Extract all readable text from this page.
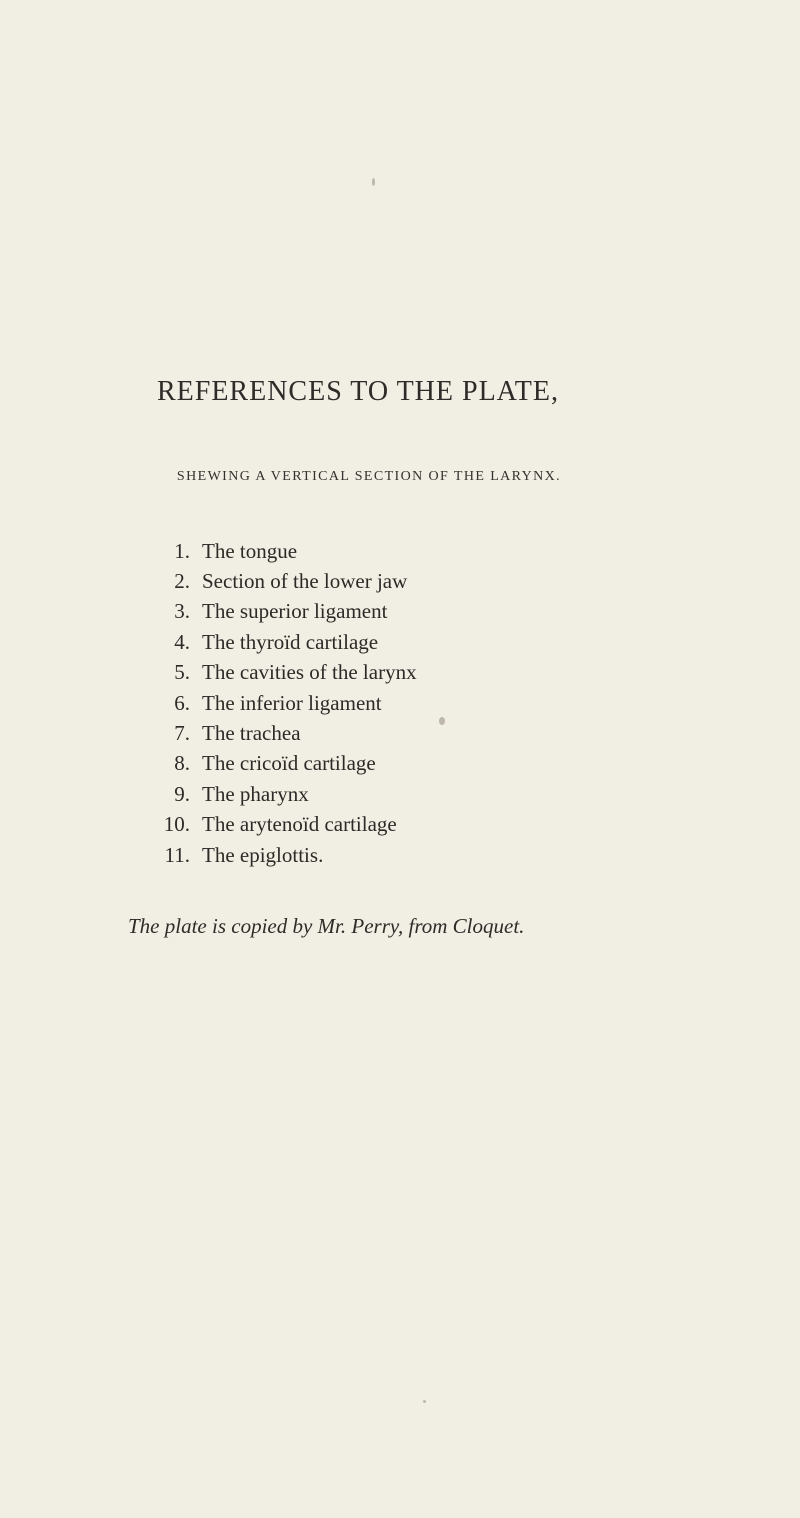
REFERENCES TO THE PLATE,
SHEWING A VERTICAL SECTION OF THE LARYNX.
1. The tongue
2. Section of the lower jaw
3. The superior ligament
4. The thyroïd cartilage
5. The cavities of the larynx
6. The inferior ligament
7. The trachea
8. The cricoïd cartilage
9. The pharynx
10. The arytenoïd cartilage
11. The epiglottis.
The plate is copied by Mr. Perry, from Cloquet.
